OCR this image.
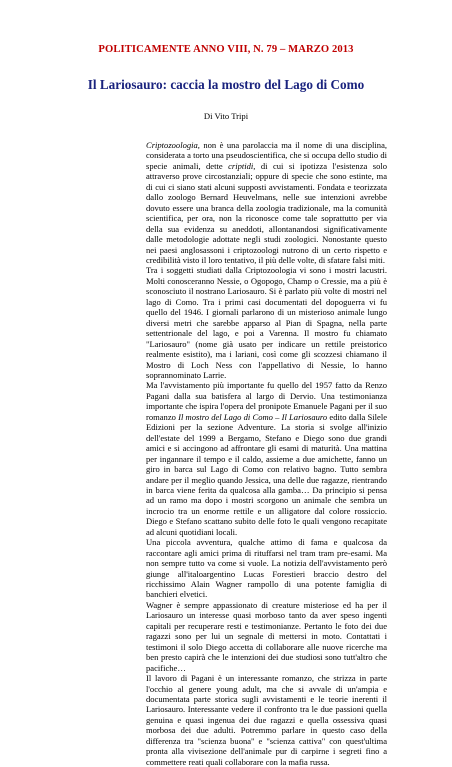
POLITICAMENTE ANNO VIII, N. 79 – MARZO 2013
Il Lariosauro: caccia la mostro del Lago di Como
Di Vito Tripi

Criptozoologia, non è una parolaccia ma il nome di una disciplina, considerata a torto una pseudoscientifica, che si occupa dello studio di specie animali, dette criptidi, di cui si ipotizza l'esistenza solo attraverso prove circostanziali; oppure di specie che sono estinte, ma di cui ci siano stati alcuni supposti avvistamenti. Fondata e teorizzata dallo zoologo Bernard Heuvelmans, nelle sue intenzioni avrebbe dovuto essere una branca della zoologia tradizionale, ma la comunità scientifica, per ora, non la riconosce come tale soprattutto per via della sua evidenza su aneddoti, allontanandosi significativamente dalle metodologie adottate negli studi zoologici. Nonostante questo nei paesi anglosassoni i criptozoologi nutrono di un certo rispetto e credibilità visto il loro tentativo, il più delle volte, di sfatare falsi miti.

Tra i soggetti studiati dalla Criptozoologia vi sono i mostri lacustri. Molti conosceranno Nessie, o Ogopogo, Champ o Cressie, ma a più è sconosciuto il nostrano Lariosauro. Si è parlato più volte di mostri nel lago di Como. Tra i primi casi documentati del dopoguerra vi fu quello del 1946. I giornali parlarono di un misterioso animale lungo diversi metri che sarebbe apparso al Pian di Spagna, nella parte settentrionale del lago, e poi a Varenna. Il mostro fu chiamato "Lariosauro" (nome già usato per indicare un rettile preistorico realmente esistito), ma i lariani, così come gli scozzesi chiamano il Mostro di Loch Ness con l'appellativo di Nessie, lo hanno soprannominato Larrie.

Ma l'avvistamento più importante fu quello del 1957 fatto da Renzo Pagani dalla sua batisfera al largo di Dervio. Una testimonianza importante che ispira l'opera del pronipote Emanuele Pagani per il suo romanzo Il mostro del Lago di Como – Il Lariosauro edito dalla Silele Edizioni per la sezione Adventure. La storia si svolge all'inizio dell'estate del 1999 a Bergamo, Stefano e Diego sono due grandi amici e si accingono ad affrontare gli esami di maturità. Una mattina per ingannare il tempo e il caldo, assieme a due amichette, fanno un giro in barca sul Lago di Como con relativo bagno. Tutto sembra andare per il meglio quando Jessica, una delle due ragazze, rientrando in barca viene ferita da qualcosa alla gamba… Da principio si pensa ad un ramo ma dopo i mostri scorgono un animale che sembra un incrocio tra un enorme rettile e un alligatore dal colore rossiccio. Diego e Stefano scattano subito delle foto le quali vengono recapitate ad alcuni quotidiani locali.

Una piccola avventura, qualche attimo di fama e qualcosa da raccontare agli amici prima di rituffarsi nel tram tram pre-esami. Ma non sempre tutto va come si vuole. La notizia dell'avvistamento però giunge all'italoargentino Lucas Forestieri braccio destro del ricchissimo Alain Wagner rampollo di una potente famiglia di banchieri elvetici.

Wagner è sempre appassionato di creature misteriose ed ha per il Lariosauro un interesse quasi morboso tanto da aver speso ingenti capitali per recuperare resti e testimonianze. Pertanto le foto dei due ragazzi sono per lui un segnale di mettersi in moto. Contattati i testimoni il solo Diego accetta di collaborare alle nuove ricerche ma ben presto capirà che le intenzioni dei due studiosi sono tutt'altro che pacifiche…

Il lavoro di Pagani è un interessante romanzo, che strizza in parte l'occhio al genere young adult, ma che si avvale di un'ampia e documentata parte storica sugli avvistamenti e le teorie inerenti il Lariosauro. Interessante vedere il confronto tra le due passioni quella genuina e quasi ingenua dei due ragazzi e quella ossessiva quasi morbosa dei due adulti. Potremmo parlare in questo caso della differenza tra "scienza buona" e "scienza cattiva" con quest'ultima pronta alla vivisezione dell'animale pur di carpirne i segreti fino a commettere reati quali collaborare con la mafia russa.
